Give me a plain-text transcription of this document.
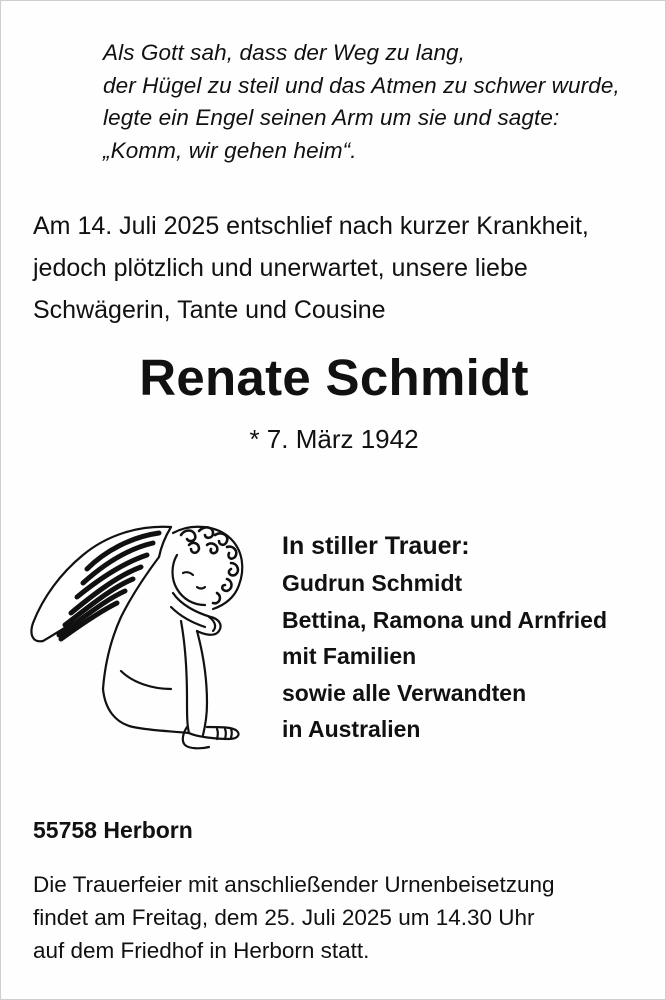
Als Gott sah, dass der Weg zu lang,
der Hügel zu steil und das Atmen zu schwer wurde,
legte ein Engel seinen Arm um sie und sagte:
„Komm, wir gehen heim“.
Am 14. Juli 2025 entschlief nach kurzer Krankheit,
jedoch plötzlich und unerwartet, unsere liebe
Schwägerin, Tante und Cousine
Renate Schmidt
* 7. März 1942
In stiller Trauer:
Gudrun Schmidt
Bettina, Ramona und Arnfried
mit Familien
sowie alle Verwandten
in Australien
55758 Herborn
Die Trauerfeier mit anschließender Urnenbeisetzung
findet am Freitag, dem 25. Juli 2025 um 14.30 Uhr
auf dem Friedhof in Herborn statt.
